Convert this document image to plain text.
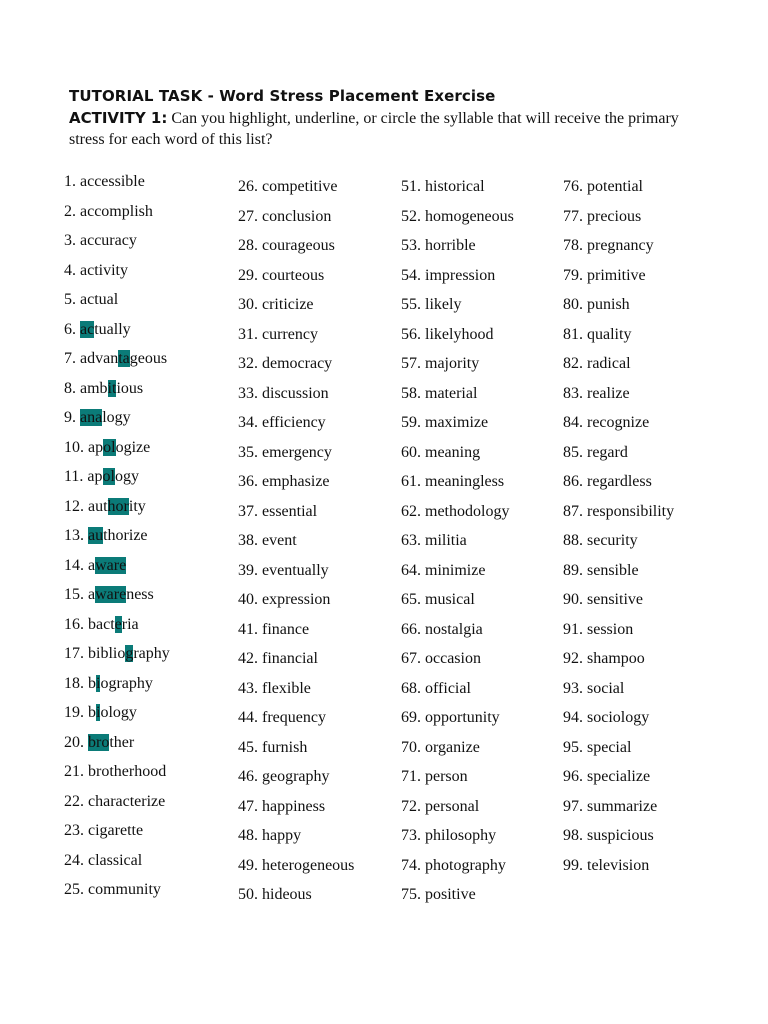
TUTORIAL TASK - Word Stress Placement Exercise
ACTIVITY 1: Can you highlight, underline, or circle the syllable that will receive the primary stress for each word of this list?
1. accessible
2. accomplish
3. accuracy
4. activity
5. actual
6. actually
7. advantageous
8. ambitious
9. analogy
10. apologize
11. apology
12. authority
13. authorize
14. aware
15. awareness
16. bacteria
17. bibliography
18. biography
19. biology
20. brother
21. brotherhood
22. characterize
23. cigarette
24. classical
25. community
26. competitive
27. conclusion
28. courageous
29. courteous
30. criticize
31. currency
32. democracy
33. discussion
34. efficiency
35. emergency
36. emphasize
37. essential
38. event
39. eventually
40. expression
41. finance
42. financial
43. flexible
44. frequency
45. furnish
46. geography
47. happiness
48. happy
49. heterogeneous
50. hideous
51. historical
52. homogeneous
53. horrible
54. impression
55. likely
56. likelyhood
57. majority
58. material
59. maximize
60. meaning
61. meaningless
62. methodology
63. militia
64. minimize
65. musical
66. nostalgia
67. occasion
68. official
69. opportunity
70. organize
71. person
72. personal
73. philosophy
74. photography
75. positive
76. potential
77. precious
78. pregnancy
79. primitive
80. punish
81. quality
82. radical
83. realize
84. recognize
85. regard
86. regardless
87. responsibility
88. security
89. sensible
90. sensitive
91. session
92. shampoo
93. social
94. sociology
95. special
96. specialize
97. summarize
98. suspicious
99. television
